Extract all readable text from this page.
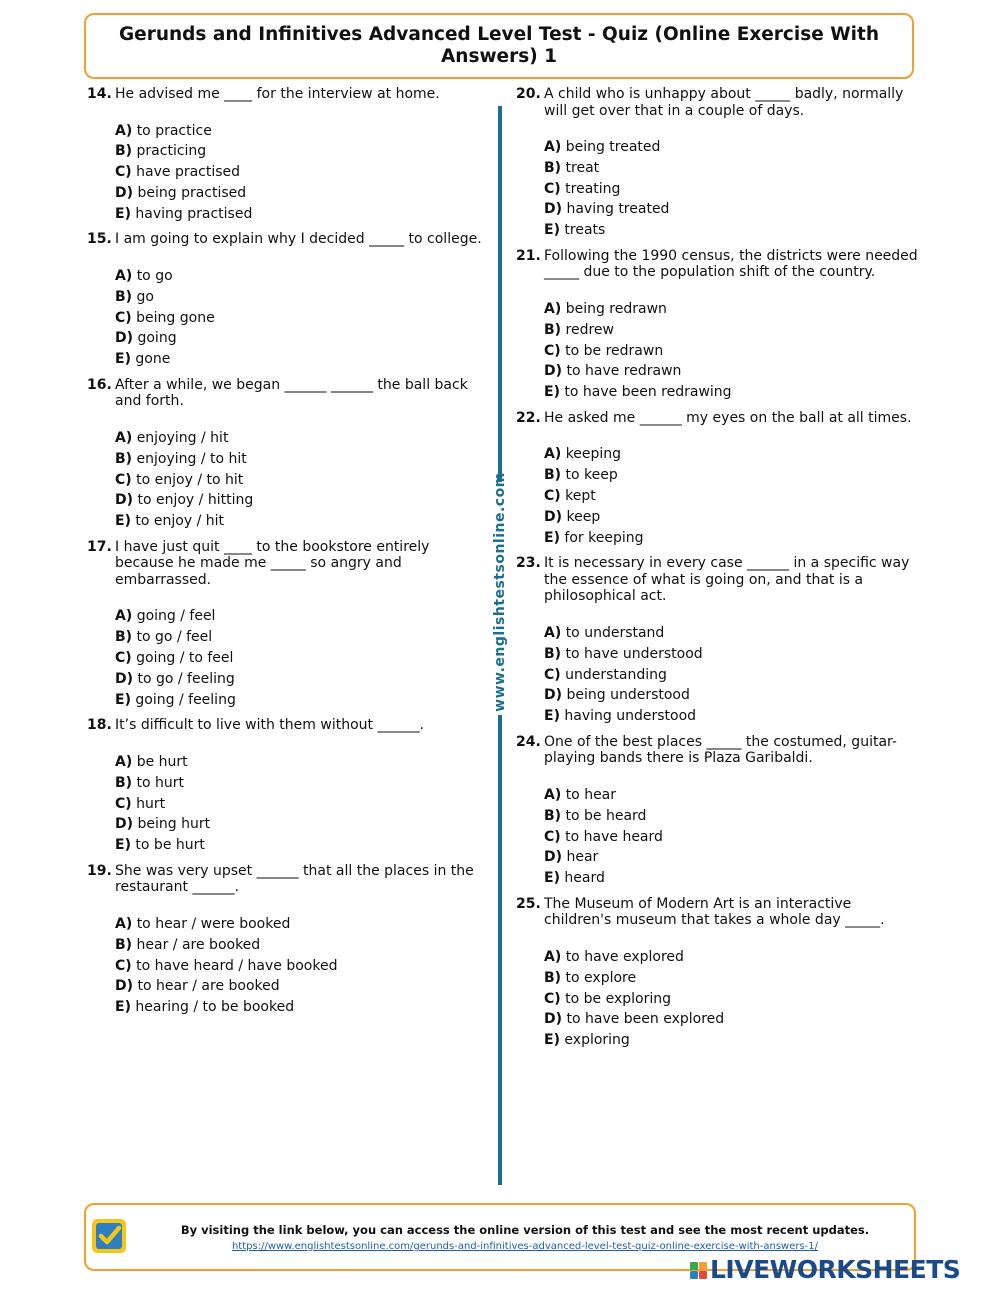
Gerunds and Infinitives Advanced Level Test - Quiz (Online Exercise With Answers) 1
14. He advised me ____ for the interview at home.
A) to practice
B) practicing
C) have practised
D) being practised
E) having practised
15. I am going to explain why I decided _____ to college.
A) to go
B) go
C) being gone
D) going
E) gone
16. After a while, we began ______ ______ the ball back and forth.
A) enjoying / hit
B) enjoying / to hit
C) to enjoy / to hit
D) to enjoy / hitting
E) to enjoy / hit
17. I have just quit ____ to the bookstore entirely because he made me _____ so angry and embarrassed.
A) going / feel
B) to go / feel
C) going / to feel
D) to go / feeling
E) going / feeling
18. It’s difficult to live with them without ______.
A) be hurt
B) to hurt
C) hurt
D) being hurt
E) to be hurt
19. She was very upset ______ that all the places in the restaurant ______.
A) to hear / were booked
B) hear / are booked
C) to have heard / have booked
D) to hear / are booked
E) hearing / to be booked
www.englishtestsonline.com
20. A child who is unhappy about _____ badly, normally will get over that in a couple of days.
A) being treated
B) treat
C) treating
D) having treated
E) treats
21. Following the 1990 census, the districts were needed _____ due to the population shift of the country.
A) being redrawn
B) redrew
C) to be redrawn
D) to have redrawn
E) to have been redrawing
22. He asked me ______ my eyes on the ball at all times.
A) keeping
B) to keep
C) kept
D) keep
E) for keeping
23. It is necessary in every case ______ in a specific way the essence of what is going on, and that is a philosophical act.
A) to understand
B) to have understood
C) understanding
D) being understood
E) having understood
24. One of the best places _____ the costumed, guitar-playing bands there is Plaza Garibaldi.
A) to hear
B) to be heard
C) to have heard
D) hear
E) heard
25. The Museum of Modern Art is an interactive children's museum that takes a whole day _____.
A) to have explored
B) to explore
C) to be exploring
D) to have been explored
E) exploring
By visiting the link below, you can access the online version of this test and see the most recent updates.
https://www.englishtestsonline.com/gerunds-and-infinitives-advanced-level-test-quiz-online-exercise-with-answers-1/
LIVEWORKSHEETS
